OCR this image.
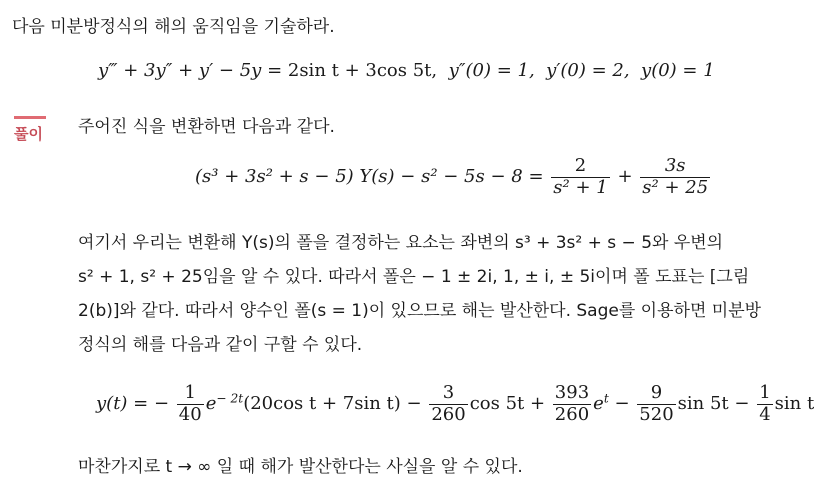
다음 미분방정식의 해의 움직임을 기술하라.
y‴ + 3y″ + y′ − 5y = 2sin t + 3cos 5t, y″(0) = 1, y′(0) = 2, y(0) = 1
풀이 주어진 식을 변환하면 다음과 같다.
(s³ + 3s² + s − 5) $Y(s) - s^2 - 5s - 8 = \frac{2}{\text{s² + 1}} + \frac{3s}{\text{s² + 25}}$
여기서 우리는 변환해 Y(s)의 폴을 결정하는 요소는 좌변의 s³ + 3s² + s − 5와 우변의
s² + 1, s² + 25임을 알 수 있다. 따라서 폴은 − 1 ± 2i, 1, ± i, ± 5i이며 폴 도표는 [그림
2(b)]와 같다. 따라서 양수인 폴(s = 1)이 있으므로 해는 발산한다. Sage를 이용하면 미분방
정식의 해를 다음과 같이 구할 수 있다.
y(t) = − $\frac{1}{40} e^{- 2t}(20\cos$ t + 7sin $t) - \frac{3}{260}$ $\cos 5t + \frac{393}{260} e^t - \frac{9}{520}$ $\sin 5t - \frac{1}{4}$ sin t
마찬가지로 t → ∞ 일 때 해가 발산한다는 사실을 알 수 있다.
